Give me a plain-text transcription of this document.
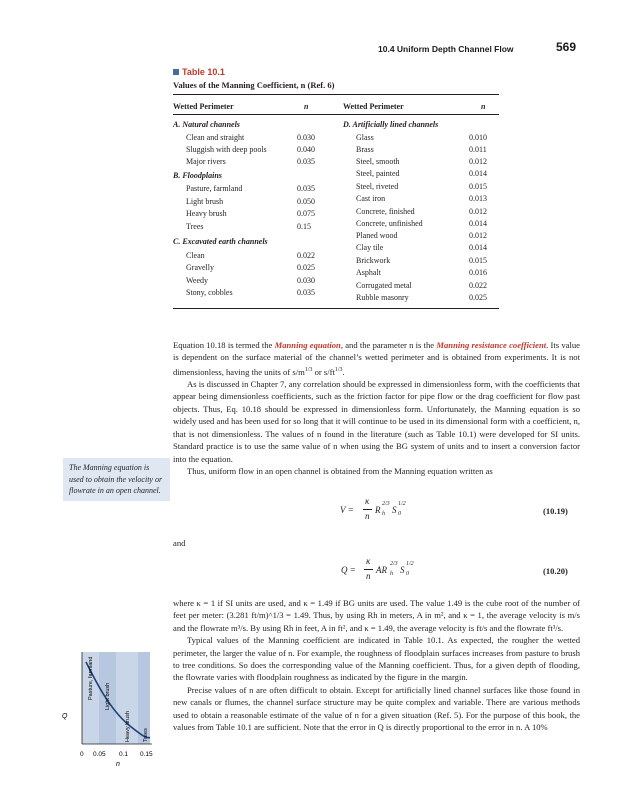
10.4 Uniform Depth Channel Flow	569
Table 10.1
Values of the Manning Coefficient, n (Ref. 6)
Wetted Perimeter	n	Wetted Perimeter	n
A. Natural channels
Clean and straight	0.030
Sluggish with deep pools	0.040
Major rivers	0.035
B. Floodplains
Pasture, farmland	0.035
Light brush	0.050
Heavy brush	0.075
Trees	0.15
C. Excavated earth channels
Clean	0.022
Gravelly	0.025
Weedy	0.030
Stony, cobbles	0.035
D. Artificially lined channels
Glass	0.010
Brass	0.011
Steel, smooth	0.012
Steel, painted	0.014
Steel, riveted	0.015
Cast iron	0.013
Concrete, finished	0.012
Concrete, unfinished	0.014
Planed wood	0.012
Clay tile	0.014
Brickwork	0.015
Asphalt	0.016
Corrugated metal	0.022
Rubble masonry	0.025

Equation 10.18 is termed the Manning equation, and the parameter n is the Manning resistance coefficient. Its value is dependent on the surface material of the channel’s wetted perimeter and is obtained from experiments. It is not dimensionless, having the units of $s/m^{1/3}$ or $s/ft^{1/3}$.

As is discussed in Chapter 7, any correlation should be expressed in dimensionless form, with the coefficients that appear being dimensionless coefficients, such as the friction factor for pipe flow or the drag coefficient for flow past objects. Thus, Eq. 10.18 should be expressed in dimensionless form. Unfortunately, the Manning equation is so widely used and has been used for so long that it will continue to be used in its dimensional form with a coefficient, n, that is not dimensionless. The values of n found in the literature (such as Table 10.1) were developed for SI units. Standard practice is to use the same value of n when using the BG system of units and to insert a conversion factor into the equation.

Thus, uniform flow in an open channel is obtained from the Manning equation written as

The Manning equation is used to obtain the velocity or flowrate in an open channel.
V =
κ
n
R h
2/3
S 0
1/2
(10.19)
and
Q =
κ
n
AR h
2/3
S 0
1/2
(10.20)

where κ = 1 if SI units are used, and κ = 1.49 if BG units are used. The value 1.49 is the cube root of the number of feet per meter: (3.281 ft/m)^1/3 = 1.49. Thus, by using Rh in meters, A in m², and κ = 1, the average velocity is m/s and the flowrate m³/s. By using Rh in feet, A in ft², and κ = 1.49, the average velocity is ft/s and the flowrate ft³/s.

Typical values of the Manning coefficient are indicated in Table 10.1. As expected, the rougher the wetted perimeter, the larger the value of n. For example, the roughness of floodplain surfaces increases from pasture to brush to tree conditions. So does the corresponding value of the Manning coefficient. Thus, for a given depth of flooding, the flowrate varies with floodplain roughness as indicated by the figure in the margin.

Precise values of n are often difficult to obtain. Except for artificially lined channel surfaces like those found in new canals or flumes, the channel surface structure may be quite complex and variable. There are various methods used to obtain a reasonable estimate of the value of n for a given situation (Ref. 5). For the purpose of this book, the values from Table 10.1 are sufficient. Note that the error in Q is directly proportional to the error in n. A 10%

Pasture, farmland Light brush
Heavy brush Trees
Q
0 0.05 0.1 0.15
n
